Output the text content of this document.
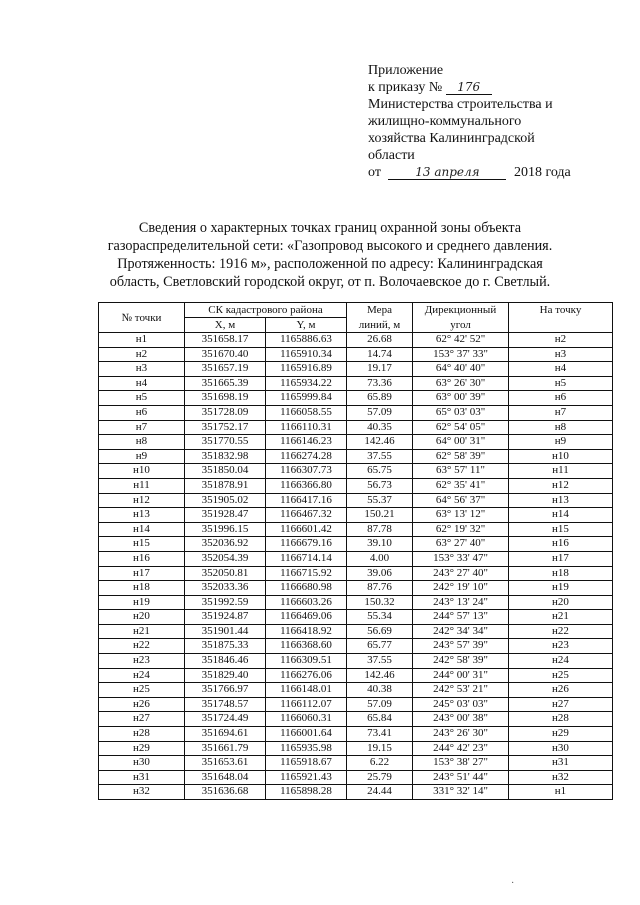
Приложение
к приказу № 176
Министерства строительства и
жилищно-коммунального
хозяйства Калининградской
области
от	13 апреля 2018 года
Сведения о характерных точках границ охранной зоны объекта
газораспределительной сети: «Газопровод высокого и среднего давления.
Протяженность: 1916 м», расположенной по адресу: Калининградская
область, Светловский городской округ, от п. Волочаевское до г. Светлый.
№ точки	СК кадастрового района		Мера	Дирекционный	На точку
	X, м	Y, м	линий, м	угол	
н1	351658.17	1165886.63	26.68	62° 42' 52"	н2
н2	351670.40	1165910.34	14.74	153° 37' 33"	н3
н3	351657.19	1165916.89	19.17	64° 40' 40"	н4
н4	351665.39	1165934.22	73.36	63° 26' 30"	н5
н5	351698.19	1165999.84	65.89	63° 00' 39"	н6
н6	351728.09	1166058.55	57.09	65° 03' 03"	н7
н7	351752.17	1166110.31	40.35	62° 54' 05"	н8
н8	351770.55	1166146.23	142.46	64° 00' 31"	н9
н9	351832.98	1166274.28	37.55	62° 58' 39"	н10
н10	351850.04	1166307.73	65.75	63° 57' 11"	н11
н11	351878.91	1166366.80	56.73	62° 35' 41"	н12
н12	351905.02	1166417.16	55.37	64° 56' 37"	н13
н13	351928.47	1166467.32	150.21	63° 13' 12"	н14
н14	351996.15	1166601.42	87.78	62° 19' 32"	н15
н15	352036.92	1166679.16	39.10	63° 27' 40"	н16
н16	352054.39	1166714.14	4.00	153° 33' 47"	н17
н17	352050.81	1166715.92	39.06	243° 27' 40"	н18
н18	352033.36	1166680.98	87.76	242° 19' 10"	н19
н19	351992.59	1166603.26	150.32	243° 13' 24"	н20
н20	351924.87	1166469.06	55.34	244° 57' 13"	н21
н21	351901.44	1166418.92	56.69	242° 34' 34"	н22
н22	351875.33	1166368.60	65.77	243° 57' 39"	н23
н23	351846.46	1166309.51	37.55	242° 58' 39"	н24
н24	351829.40	1166276.06	142.46	244° 00' 31"	н25
н25	351766.97	1166148.01	40.38	242° 53' 21"	н26
н26	351748.57	1166112.07	57.09	245° 03' 03"	н27
н27	351724.49	1166060.31	65.84	243° 00' 38"	н28
н28	351694.61	1166001.64	73.41	243° 26' 30"	н29
н29	351661.79	1165935.98	19.15	244° 42' 23"	н30
н30	351653.61	1165918.67	6.22	153° 38' 27"	н31
н31	351648.04	1165921.43	25.79	243° 51' 44"	н32
н32	351636.68	1165898.28	24.44	331° 32' 14"	н1
·
